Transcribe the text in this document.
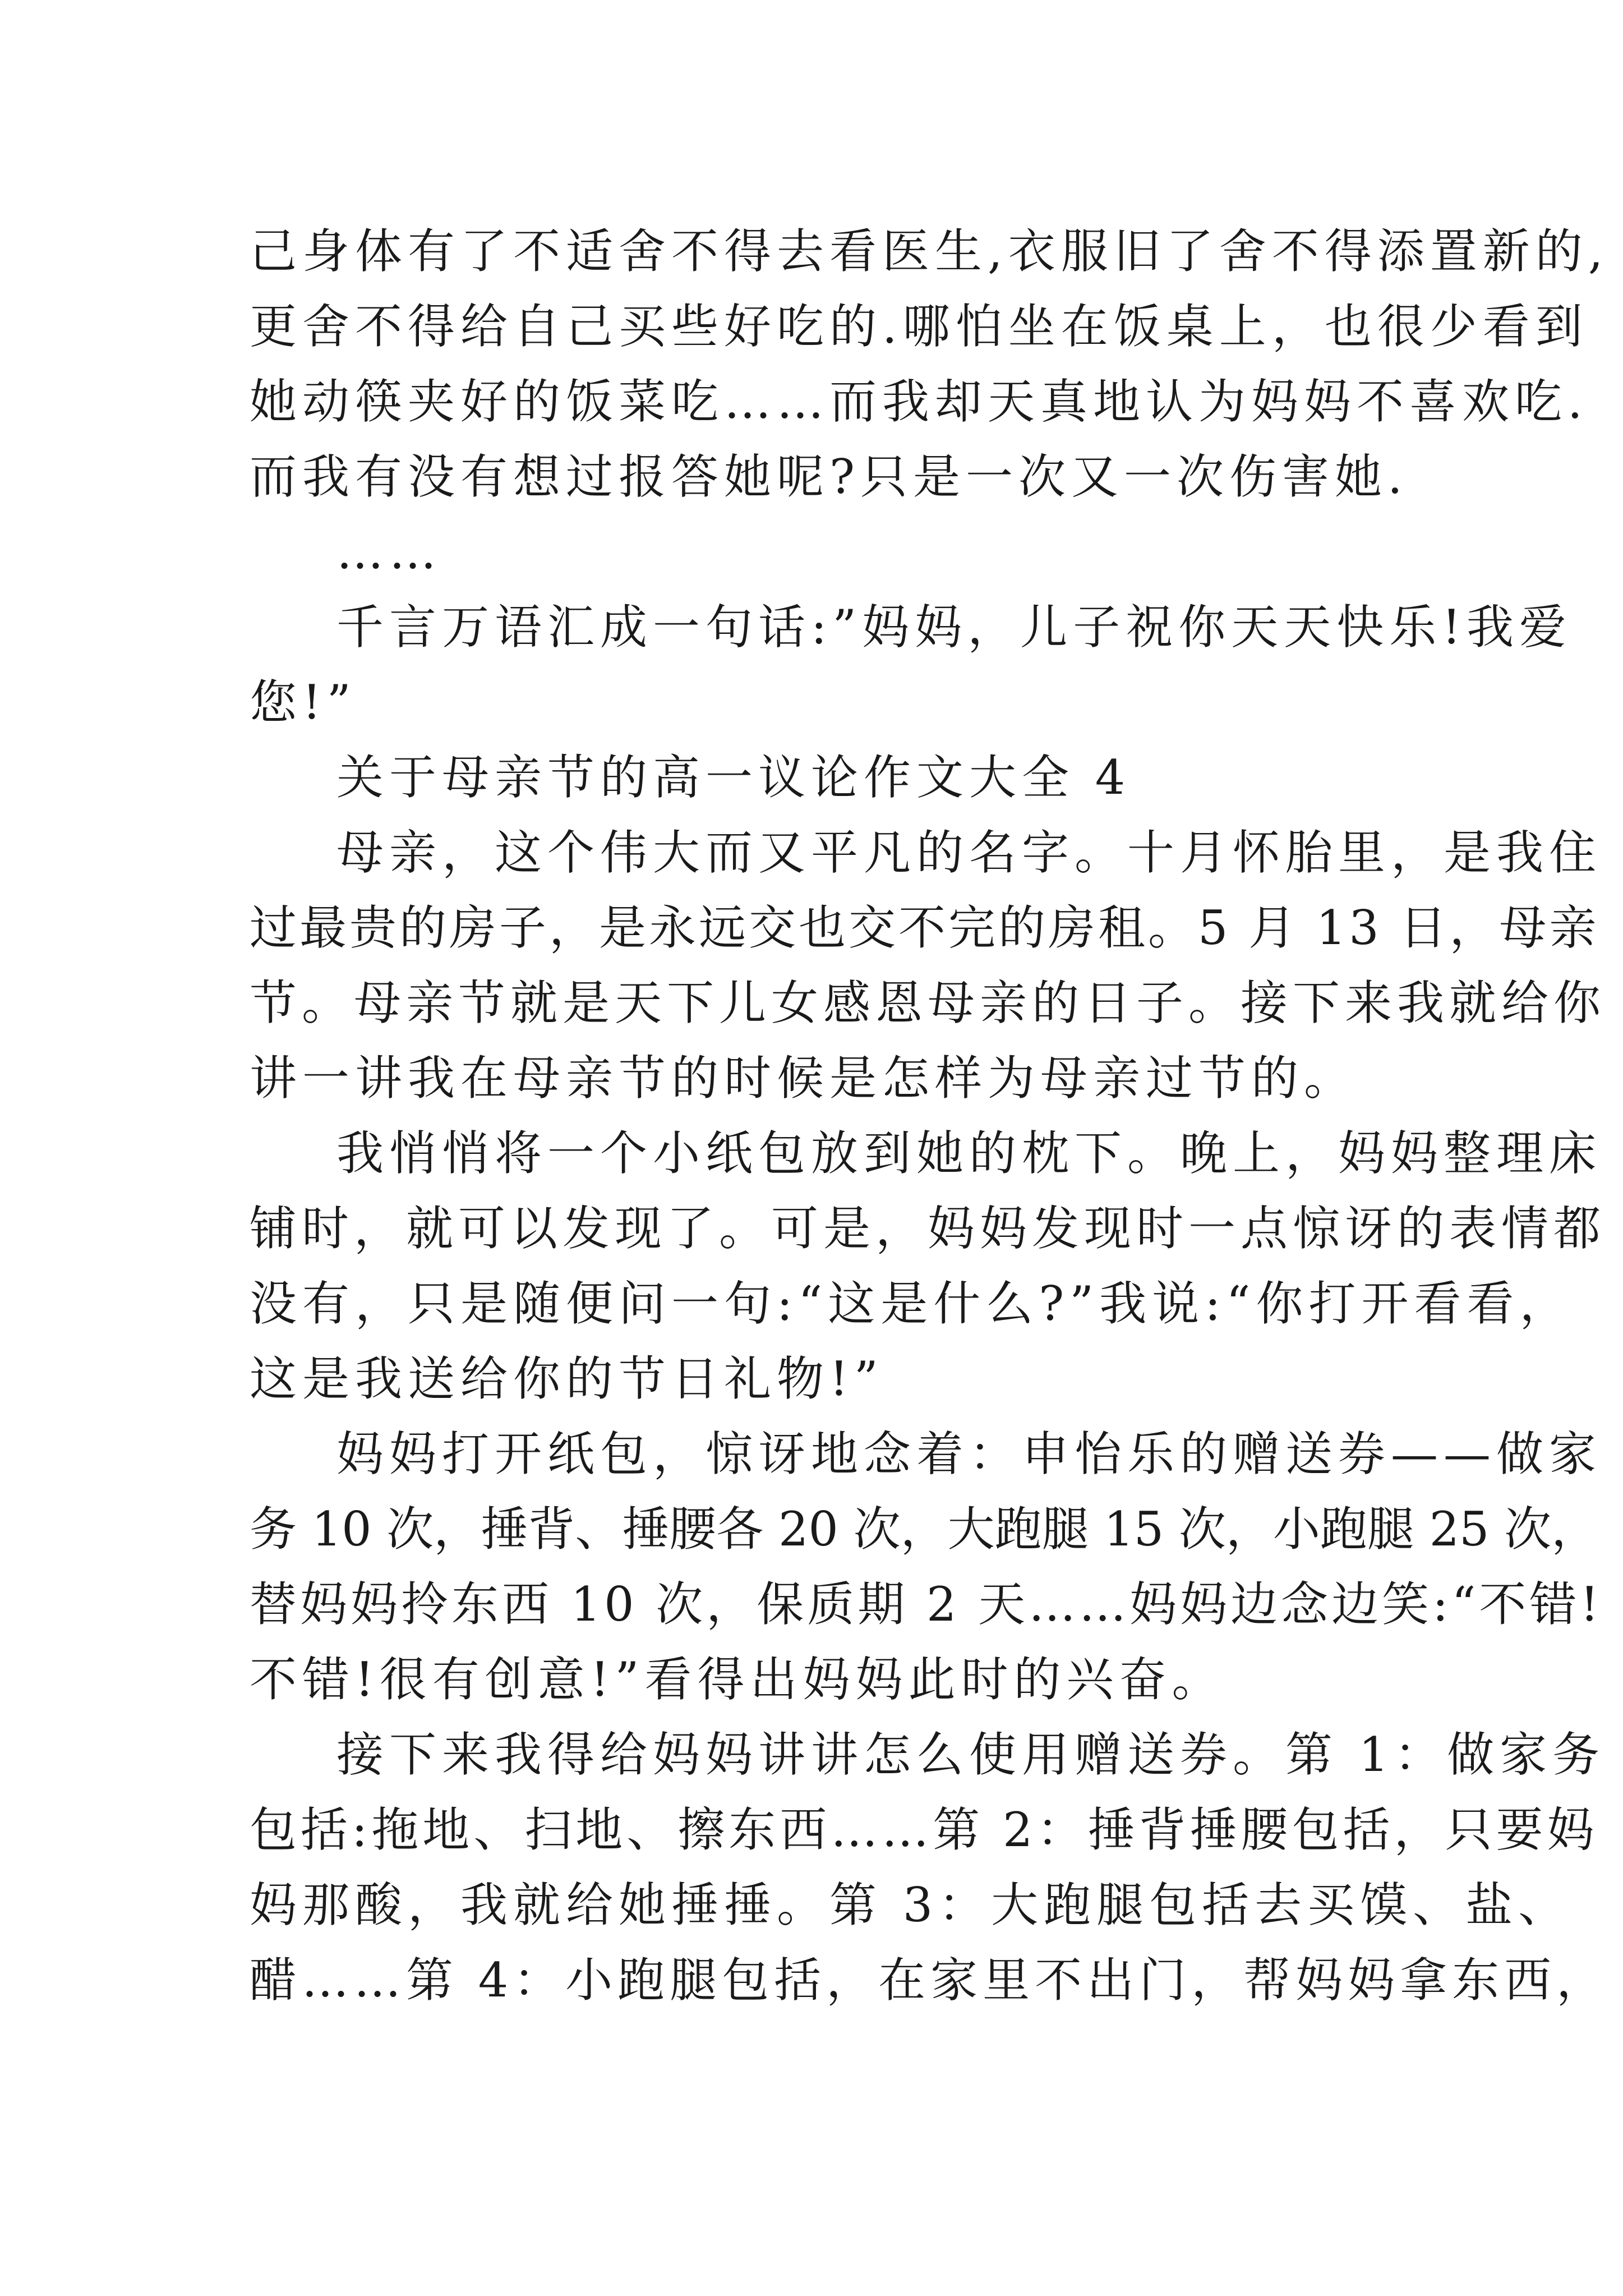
己身体有了不适舍不得去看医生,衣服旧了舍不得添置新的,
更舍不得给自己买些好吃的.哪怕坐在饭桌上，也很少看到
她动筷夹好的饭菜吃……而我却天真地认为妈妈不喜欢吃.
而我有没有想过报答她呢?只是一次又一次伤害她.
……
千言万语汇成一句话:”妈妈，儿子祝你天天快乐!我爱
您!”
关于母亲节的高一议论作文大全 4
母亲，这个伟大而又平凡的名字。十月怀胎里，是我住
过最贵的房子，是永远交也交不完的房租。5 月 13 日，母亲
节。母亲节就是天下儿女感恩母亲的日子。接下来我就给你
讲一讲我在母亲节的时候是怎样为母亲过节的。
我悄悄将一个小纸包放到她的枕下。晚上，妈妈整理床
铺时，就可以发现了。可是，妈妈发现时一点惊讶的表情都
没有，只是随便问一句:“这是什么?”我说:“你打开看看，
这是我送给你的节日礼物!”
妈妈打开纸包，惊讶地念着：申怡乐的赠送券——做家
务 10 次，捶背、捶腰各 20 次，大跑腿 15 次，小跑腿 25 次，
替妈妈拎东西 10 次，保质期 2 天……妈妈边念边笑:“不错!
不错!很有创意!”看得出妈妈此时的兴奋。
接下来我得给妈妈讲讲怎么使用赠送券。第 1：做家务
包括:拖地、扫地、擦东西……第 2：捶背捶腰包括，只要妈
妈那酸，我就给她捶捶。第 3：大跑腿包括去买馍、盐、
醋……第 4：小跑腿包括，在家里不出门，帮妈妈拿东西，
